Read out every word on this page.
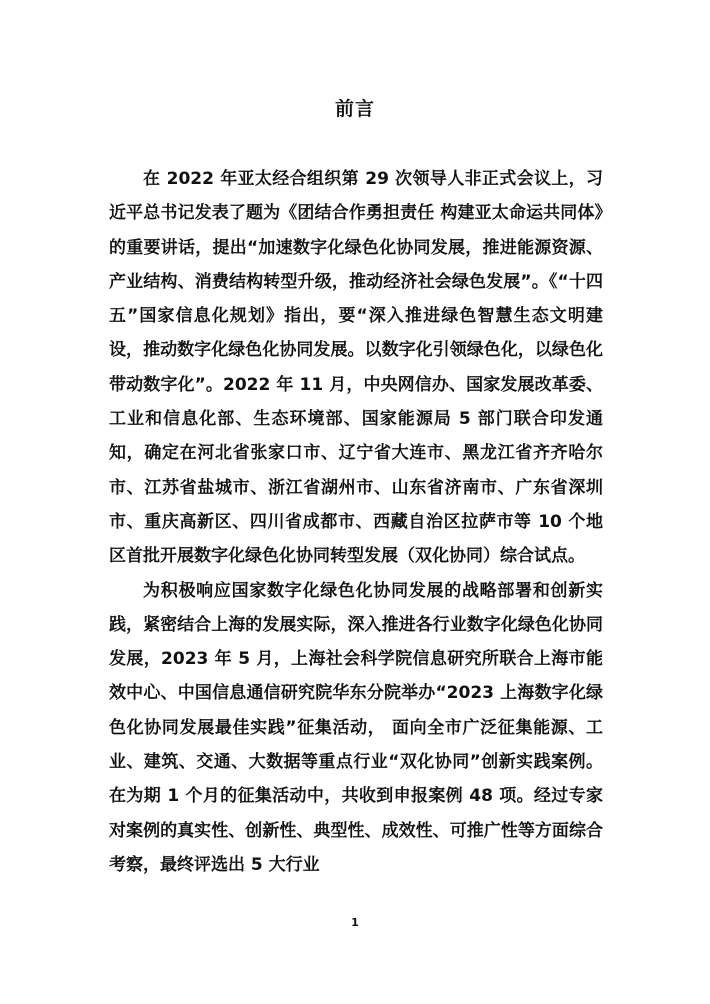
前言

在 2022 年亚太经合组织第 29 次领导人非正式会议上，习近平总书记发表了题为《团结合作勇担责任 构建亚太命运共同体》的重要讲话，提出“加速数字化绿色化协同发展，推进能源资源、产业结构、消费结构转型升级，推动经济社会绿色发展”。《“十四五”国家信息化规划》指出，要“深入推进绿色智慧生态文明建设，推动数字化绿色化协同发展。以数字化引领绿色化，以绿色化带动数字化”。2022 年 11 月，中央网信办、国家发展改革委、工业和信息化部、生态环境部、国家能源局 5 部门联合印发通知，确定在河北省张家口市、辽宁省大连市、黑龙江省齐齐哈尔市、江苏省盐城市、浙江省湖州市、山东省济南市、广东省深圳市、重庆高新区、四川省成都市、西藏自治区拉萨市等 10 个地区首批开展数字化绿色化协同转型发展（双化协同）综合试点。

为积极响应国家数字化绿色化协同发展的战略部署和创新实践，紧密结合上海的发展实际，深入推进各行业数字化绿色化协同发展，2023 年 5 月，上海社会科学院信息研究所联合上海市能效中心、中国信息通信研究院华东分院举办“2023 上海数字化绿色化协同发展最佳实践”征集活动， 面向全市广泛征集能源、工业、建筑、交通、大数据等重点行业“双化协同”创新实践案例。在为期 1 个月的征集活动中，共收到申报案例 48 项。经过专家对案例的真实性、创新性、典型性、成效性、可推广性等方面综合考察，最终评选出 5 大行业

1
